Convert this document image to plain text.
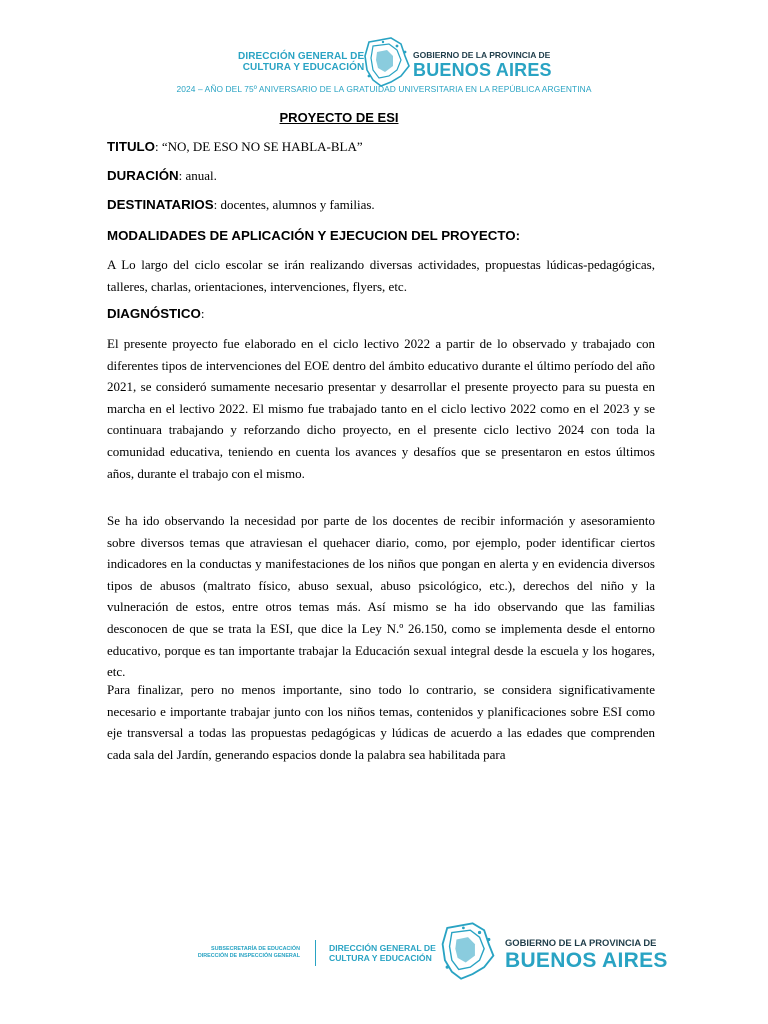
DIRECCIÓN GENERAL DE
CULTURA Y EDUCACIÓN
GOBIERNO DE LA PROVINCIA DE
BUENOS AIRES
2024 – AÑO DEL 75º ANIVERSARIO DE LA GRATUIDAD UNIVERSITARIA EN LA REPÚBLICA ARGENTINA
PROYECTO DE ESI
TITULO: “NO, DE ESO NO SE HABLA-BLA”
DURACIÓN: anual.
DESTINATARIOS: docentes, alumnos y familias.
MODALIDADES DE APLICACIÓN Y EJECUCION DEL PROYECTO:

A Lo largo del ciclo escolar se irán realizando diversas actividades, propuestas lúdicas-pedagógicas, talleres, charlas, orientaciones, intervenciones, flyers, etc.

DIAGNÓSTICO:

El presente proyecto fue elaborado en el ciclo lectivo 2022 a partir de lo observado y trabajado con diferentes tipos de intervenciones del EOE dentro del ámbito educativo durante el último período del año 2021, se consideró sumamente necesario presentar y desarrollar el presente proyecto para su puesta en marcha en el lectivo 2022. El mismo fue trabajado tanto en el ciclo lectivo 2022 como en el 2023 y se continuara trabajando y reforzando dicho proyecto, en el presente ciclo lectivo 2024 con toda la comunidad educativa, teniendo en cuenta los avances y desafíos que se presentaron en estos últimos años, durante el trabajo con el mismo.

Se ha ido observando la necesidad por parte de los docentes de recibir información y asesoramiento sobre diversos temas que atraviesan el quehacer diario, como, por ejemplo, poder identificar ciertos indicadores en la conductas y manifestaciones de los niños que pongan en alerta y en evidencia diversos tipos de abusos (maltrato físico, abuso sexual, abuso psicológico, etc.), derechos del niño y la vulneración de estos, entre otros temas más. Así mismo se ha ido observando que las familias desconocen de que se trata la ESI, que dice la Ley N.º 26.150, como se implementa desde el entorno educativo, porque es tan importante trabajar la Educación sexual integral desde la escuela y los hogares, etc.

Para finalizar, pero no menos importante, sino todo lo contrario, se considera significativamente necesario e importante trabajar junto con los niños temas, contenidos y planificaciones sobre ESI como eje transversal a todas las propuestas pedagógicas y lúdicas de acuerdo a las edades que comprenden cada sala del Jardín, generando espacios donde la palabra sea habilitada para

SUBSECRETARÍA DE EDUCACIÓN
DIRECCIÓN DE INSPECCIÓN GENERAL
DIRECCIÓN GENERAL DE
CULTURA Y EDUCACIÓN
GOBIERNO DE LA PROVINCIA DE
BUENOS AIRES
